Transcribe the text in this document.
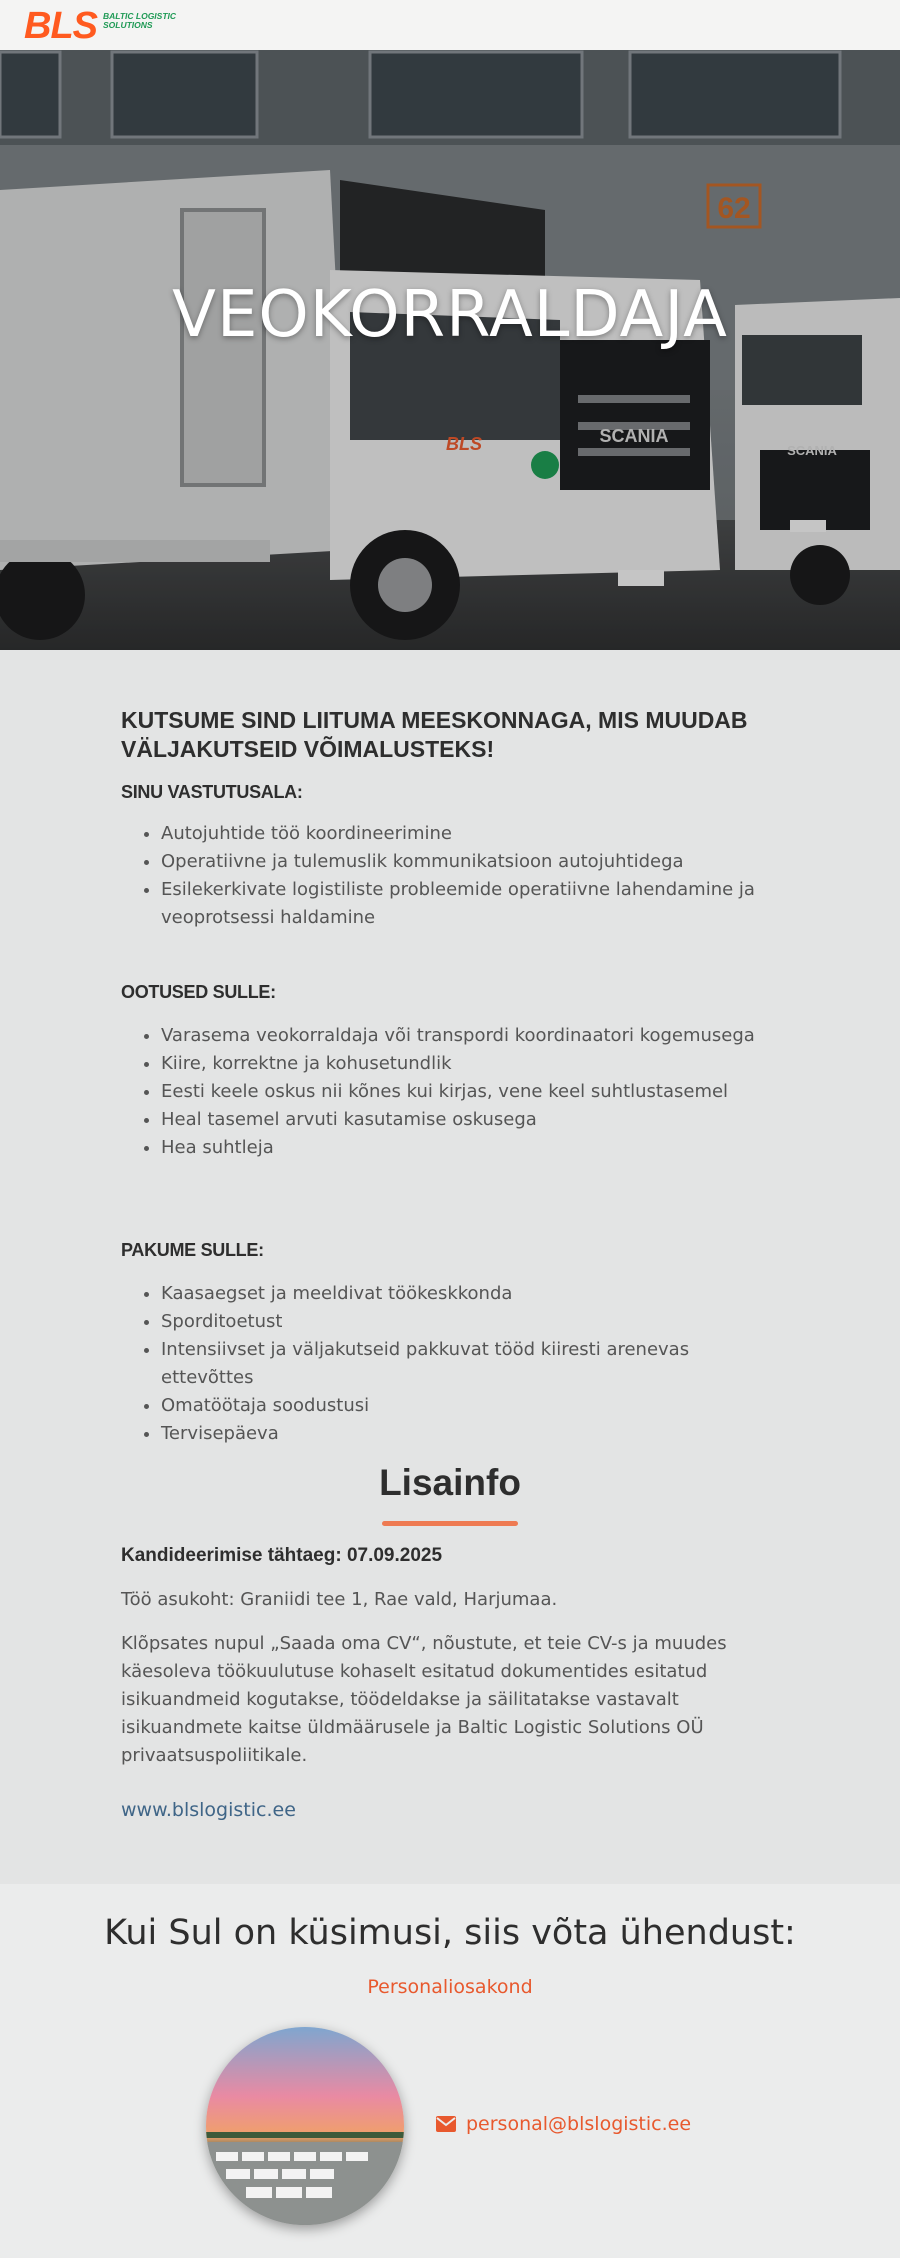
BLS BALTIC LOGISTIC
SOLUTIONS
62
SCANIA
BLS	SCANIA
VEOKORRALDAJA
KUTSUME SIND LIITUMA MEESKONNAGA, MIS MUUDAB VÄLJAKUTSEID VÕIMALUSTEKS!
SINU VASTUTUSALA:
• Autojuhtide töö koordineerimine
• Operatiivne ja tulemuslik kommunikatsioon autojuhtidega
• Esilekerkivate logistiliste probleemide operatiivne lahendamine ja veoprotsessi haldamine
OOTUSED SULLE:
• Varasema veokorraldaja või transpordi koordinaatori kogemusega
• Kiire, korrektne ja kohusetundlik
• Eesti keele oskus nii kõnes kui kirjas, vene keel suhtlustasemel
• Heal tasemel arvuti kasutamise oskusega
• Hea suhtleja
PAKUME SULLE:
• Kaasaegset ja meeldivat töökeskkonda
• Sporditoetust
• Intensiivset ja väljakutseid pakkuvat tööd kiiresti arenevas ettevõttes
• Omatöötaja soodustusi
• Tervisepäeva
Lisainfo
Kandideerimise tähtaeg: 07.09.2025
Töö asukoht: Graniidi tee 1, Rae vald, Harjumaa.
Klõpsates nupul „Saada oma CV“, nõustute, et teie CV-s ja muudes käesoleva töökuulutuse kohaselt esitatud dokumentides esitatud isikuandmeid kogutakse, töödeldakse ja säilitatakse vastavalt isikuandmete kaitse üldmäärusele ja Baltic Logistic Solutions OÜ privaatsuspoliitikale.
www.blslogistic.ee
Kui Sul on küsimusi, siis võta ühendust:
Personaliosakond
personal@blslogistic.ee
